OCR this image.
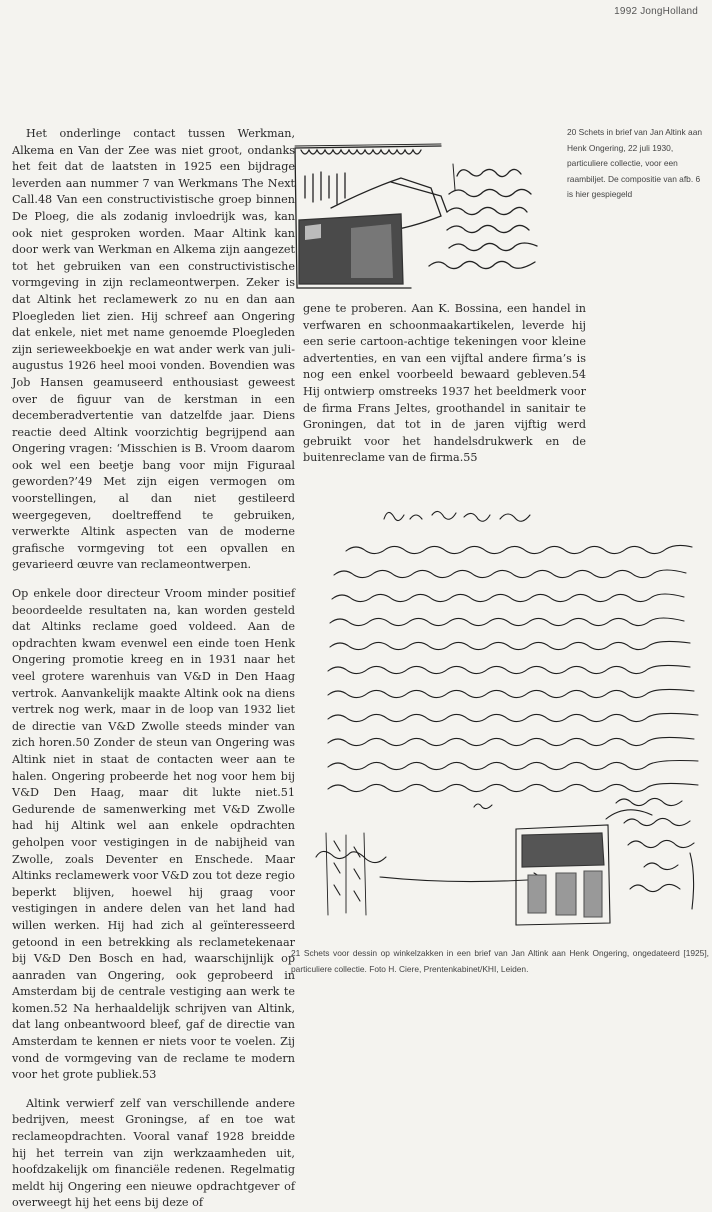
1992 JongHolland
20 Schets in brief van Jan Altink aan Henk Ongering, 22 juli 1930, particuliere collectie, voor een raambiljet. De compositie van afb. 6 is hier gespiegeld

Het onderlinge contact tussen Werkman, Alkema en Van der Zee was niet groot, ondanks het feit dat de laatsten in 1925 een bijdrage leverden aan nummer 7 van Werkmans The Next Call.48 Van een constructivistische groep binnen De Ploeg, die als zodanig invloedrijk was, kan ook niet gesproken worden. Maar Altink kan door werk van Werkman en Alkema zijn aangezet tot het gebruiken van een constructivistische vormgeving in zijn reclameontwerpen. Zeker is dat Altink het reclamewerk zo nu en dan aan Ploegleden liet zien. Hij schreef aan Ongering dat enkele, niet met name genoemde Ploegleden zijn serieweekboekje en wat ander werk van juli-augustus 1926 heel mooi vonden. Bovendien was Job Hansen geamuseerd enthousiast geweest over de figuur van de kerstman in een decemberadvertentie van datzelfde jaar. Diens reactie deed Altink voorzichtig begrijpend aan Ongering vragen: ‘Misschien is B. Vroom daarom ook wel een beetje bang voor mijn Figuraal geworden?’49 Met zijn eigen vermogen om voorstellingen, al dan niet gestileerd weergegeven, doeltreffend te gebruiken, verwerkte Altink aspecten van de moderne grafische vormgeving tot een opvallen en gevarieerd œuvre van reclameontwerpen.

Op enkele door directeur Vroom minder positief beoordeelde resultaten na, kan worden gesteld dat Altinks reclame goed voldeed. Aan de opdrachten kwam evenwel een einde toen Henk Ongering promotie kreeg en in 1931 naar het veel grotere warenhuis van V&D in Den Haag vertrok. Aanvankelijk maakte Altink ook na diens vertrek nog werk, maar in de loop van 1932 liet de directie van V&D Zwolle steeds minder van zich horen.50 Zonder de steun van Ongering was Altink niet in staat de contacten weer aan te halen. Ongering probeerde het nog voor hem bij V&D Den Haag, maar dit lukte niet.51 Gedurende de samenwerking met V&D Zwolle had hij Altink wel aan enkele opdrachten geholpen voor vestigingen in de nabijheid van Zwolle, zoals Deventer en Enschede. Maar Altinks reclamewerk voor V&D zou tot deze regio beperkt blijven, hoewel hij graag voor vestigingen in andere delen van het land had willen werken. Hij had zich al geïnteresseerd getoond in een betrekking als reclametekenaar bij V&D Den Bosch en had, waarschijnlijk op aanraden van Ongering, ook geprobeerd in Amsterdam bij de centrale vestiging aan werk te komen.52 Na herhaaldelijk schrijven van Altink, dat lang onbeantwoord bleef, gaf de directie van Amsterdam te kennen er niets voor te voelen. Zij vond de vormgeving van de reclame te modern voor het grote publiek.53

Altink verwierf zelf van verschillende andere bedrijven, meest Groningse, af en toe wat reclameopdrachten. Vooral vanaf 1928 breidde hij het terrein van zijn werkzaamheden uit, hoofdzakelijk om financiële redenen. Regelmatig meldt hij Ongering een nieuwe opdrachtgever of overweegt hij het eens bij deze of

gene te proberen. Aan K. Bossina, een handel in verfwaren en schoonmaakartikelen, leverde hij een serie cartoon-achtige tekeningen voor kleine advertenties, en van een vijftal andere firma’s is nog een enkel voorbeeld bewaard gebleven.54 Hij ontwierp omstreeks 1937 het beeldmerk voor de firma Frans Jeltes, groothandel in sanitair te Groningen, dat tot in de jaren vijftig werd gebruikt voor het handelsdrukwerk en de buitenreclame van de firma.55

21 Schets voor dessin op winkelzakken in een brief van Jan Altink aan Henk Ongering, ongedateerd [1925], particuliere collectie. Foto H. Ciere, Prentenkabinet/KHI, Leiden.
